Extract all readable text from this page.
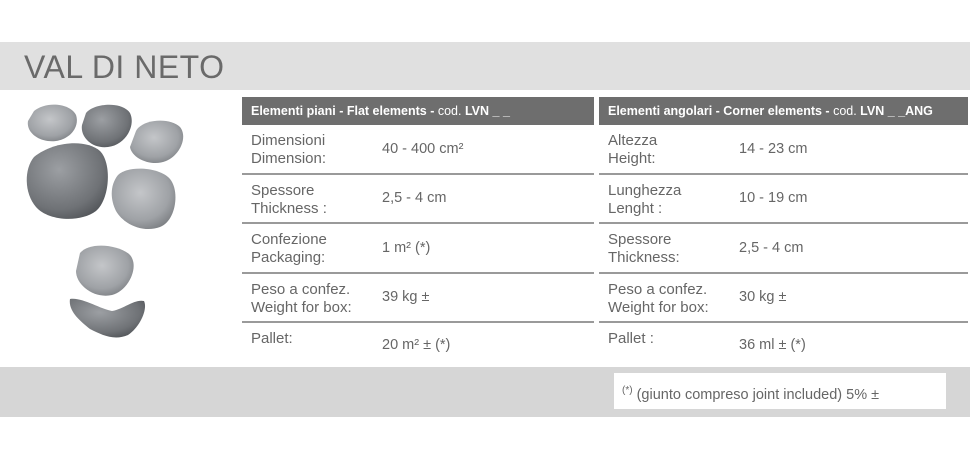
VAL DI NETO
Elementi piani - Flat elements - cod. LVN _ _
Dimensioni
Dimension:
40 - 400 cm²
Spessore
Thickness :
2,5 - 4 cm
Confezione
Packaging:
1 m² (*)
Peso a confez.
Weight for box:
39 kg ±
Pallet:	20 m² ± (*)
Elementi angolari - Corner elements - cod. LVN _ _ANG
Altezza
Height:
14 - 23 cm
Lunghezza
Lenght :
10 - 19 cm
Spessore
Thickness:
2,5 - 4 cm
Peso a confez.
Weight for box:
30 kg ±
Pallet :	36 ml ± (*)
(*) (giunto compreso joint included) 5% ±
